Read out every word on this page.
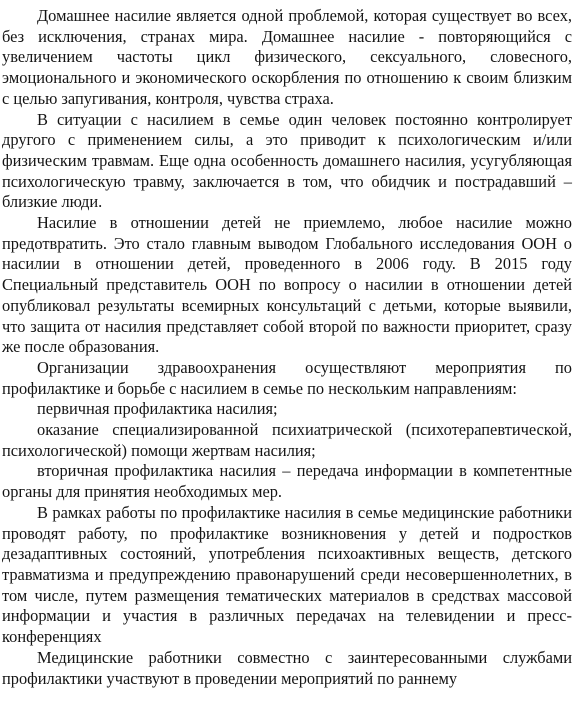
Домашнее насилие является одной проблемой, которая существует во всех, без исключения, странах мира. Домашнее насилие - повторяющийся с увеличением частоты цикл физического, сексуального, словесного, эмоционального и экономического оскорбления по отношению к своим близким с целью запугивания, контроля, чувства страха.

В ситуации с насилием в семье один человек постоянно контролирует другого с применением силы, а это приводит к психологическим и/или физическим травмам. Еще одна особенность домашнего насилия, усугубляющая психологическую травму, заключается в том, что обидчик и пострадавший – близкие люди.

Насилие в отношении детей не приемлемо, любое насилие можно предотвратить. Это стало главным выводом Глобального исследования ООН о насилии в отношении детей, проведенного в 2006 году. В 2015 году Специальный представитель ООН по вопросу о насилии в отношении детей опубликовал результаты всемирных консультаций с детьми, которые выявили, что защита от насилия представляет собой второй по важности приоритет, сразу же после образования.

Организации здравоохранения осуществляют мероприятия по профилактике и борьбе с насилием в семье по нескольким направлениям:

первичная профилактика насилия;

оказание специализированной психиатрической (психотерапевтической, психологической) помощи жертвам насилия;

вторичная профилактика насилия – передача информации в компетентные органы для принятия необходимых мер.

В рамках работы по профилактике насилия в семье медицинские работники проводят работу, по профилактике возникновения у детей и подростков дезадаптивных состояний, употребления психоактивных веществ, детского травматизма и предупреждению правонарушений среди несовершеннолетних, в том числе, путем размещения тематических материалов в средствах массовой информации и участия в различных передачах на телевидении и пресс-конференциях

Медицинские работники совместно с заинтересованными службами профилактики участвуют в проведении мероприятий по раннему
